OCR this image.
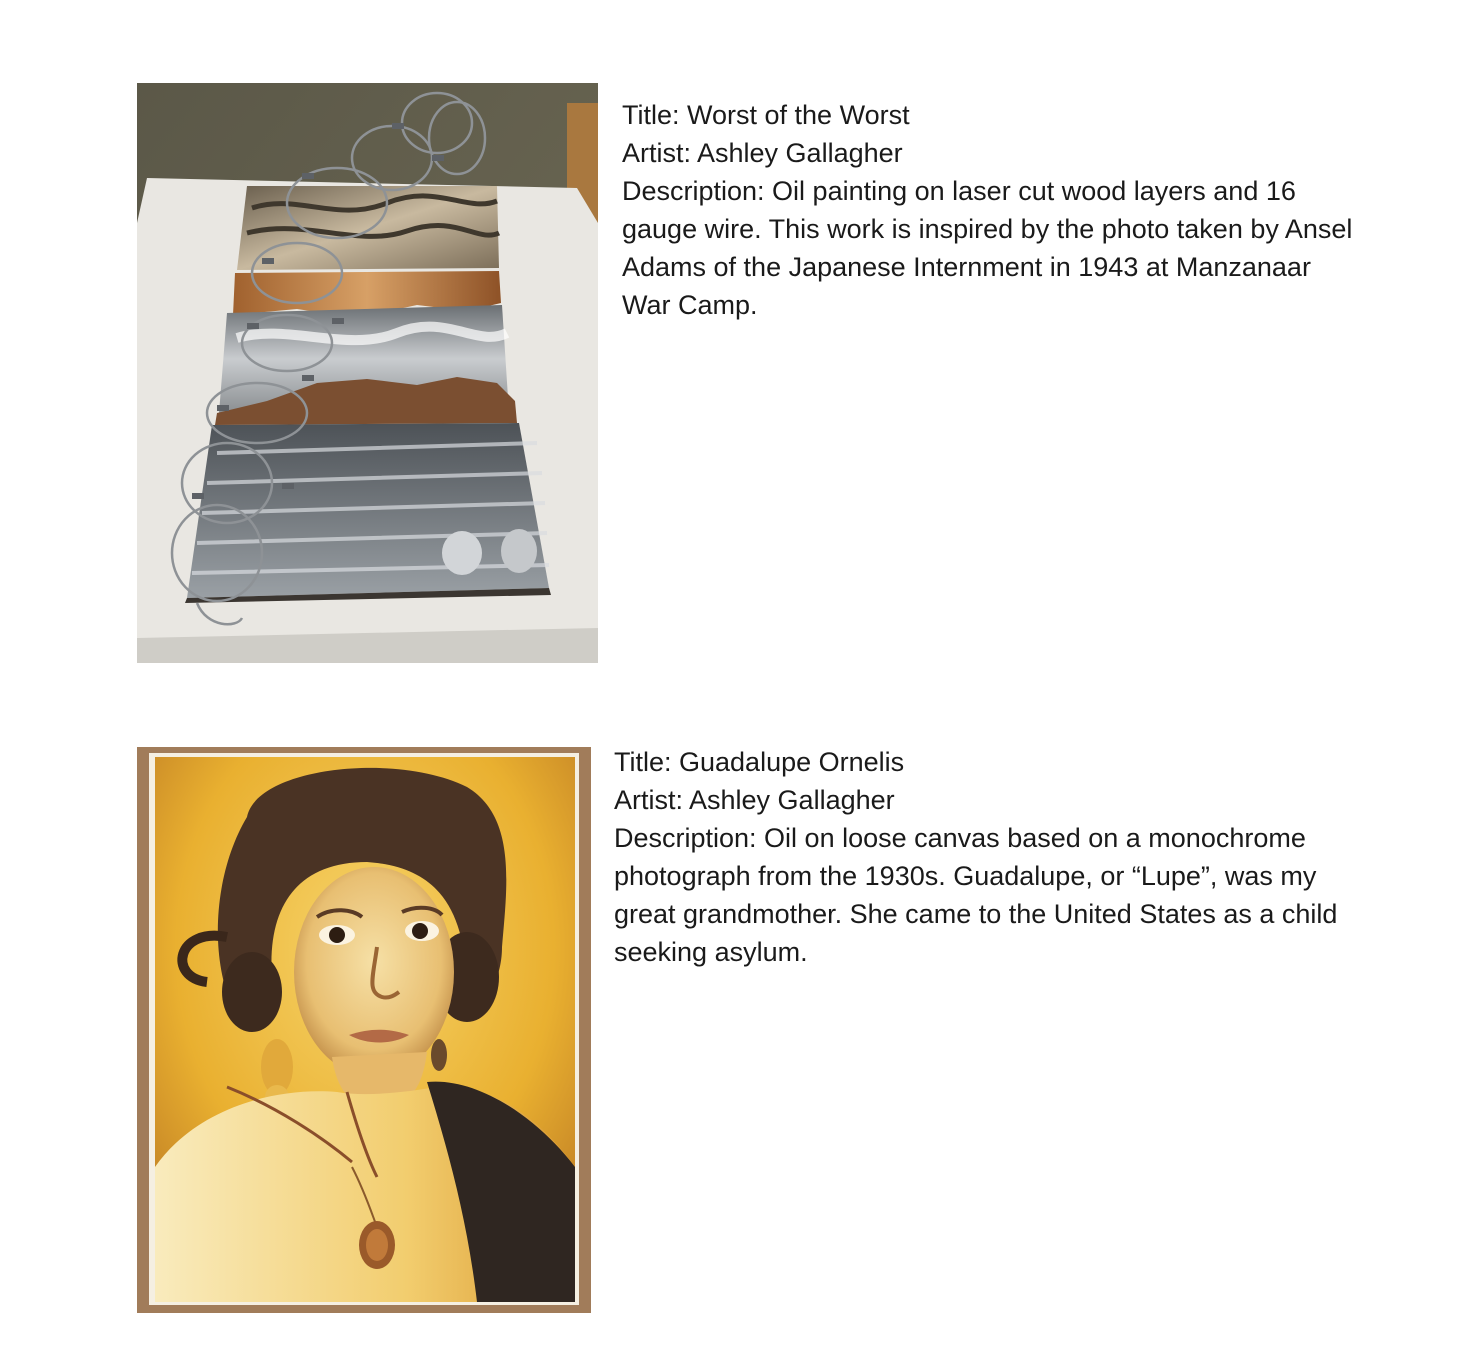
Title: Worst of the Worst

Artist: Ashley Gallagher

Description: Oil painting on laser cut wood layers and 16 gauge wire. This work is inspired by the photo taken by Ansel Adams of the Japanese Internment in 1943 at Manzanaar War Camp.

Title: Guadalupe Ornelis

Artist: Ashley Gallagher

Description: Oil on loose canvas based on a monochrome photograph from the 1930s. Guadalupe, or “Lupe”, was my great grandmother. She came to the United States as a child seeking asylum.
